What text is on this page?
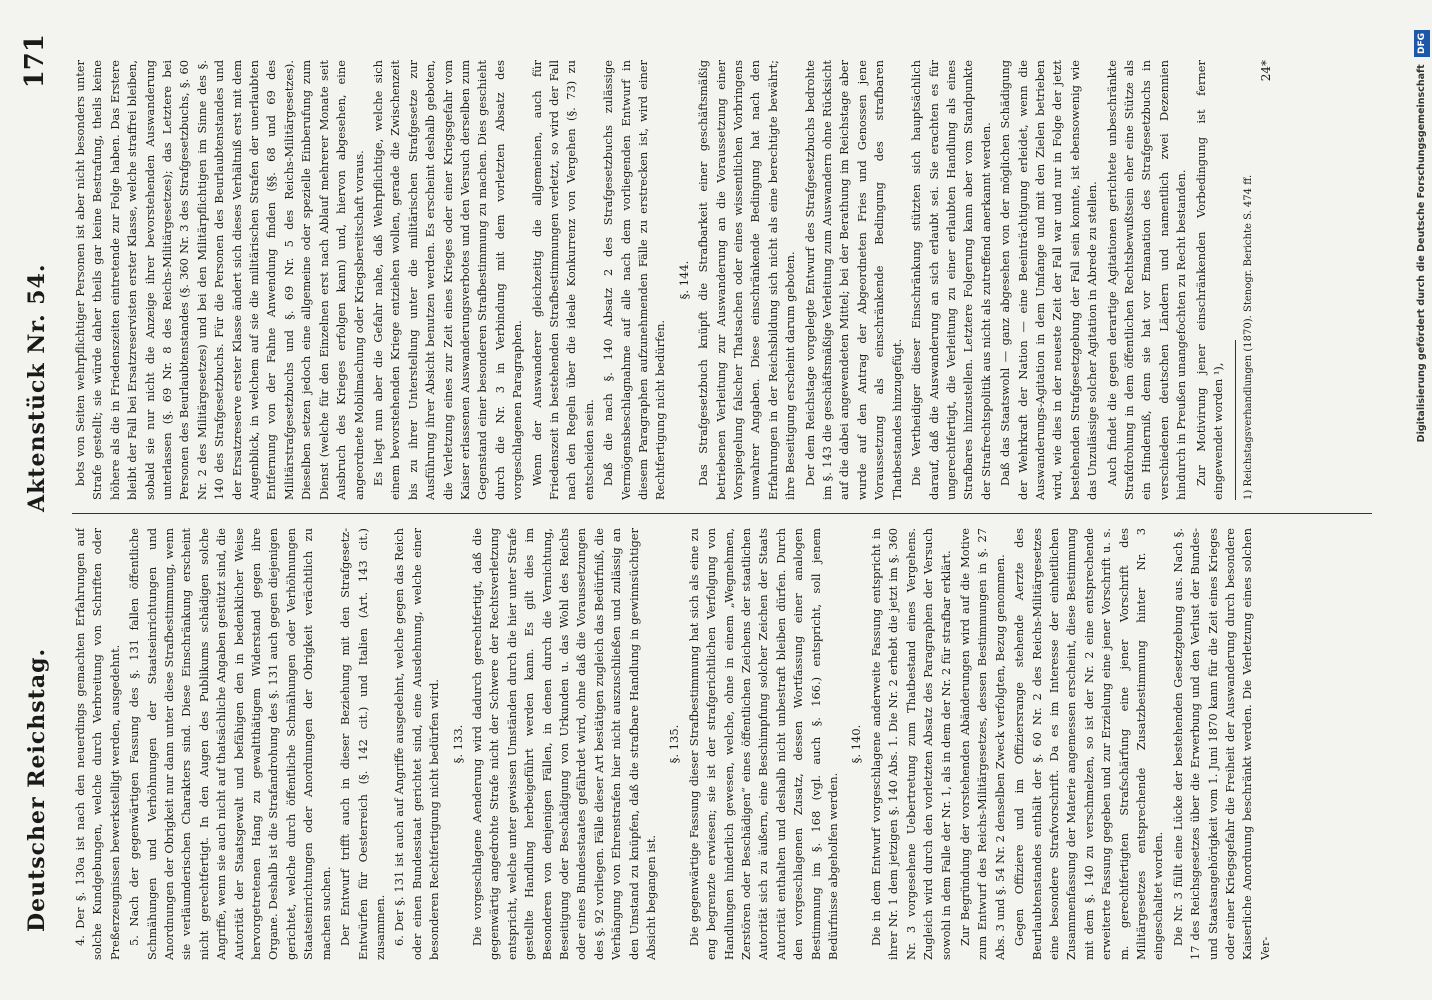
Deutscher Reichstag.
Aktenstück Nr. 54.
171

4. Der §. 130a ist nach den neuerdings gemachten Erfahrungen auf solche Kundgebungen, welche durch Verbreitung von Schriften oder Preßerzeugnissen bewerkstelligt werden, ausgedehnt. 5. Nach der gegenwärtigen Fassung des §. 131 fallen öffentliche Schmähungen und Verhöhnungen der Staatseinrichtungen und Anordnungen der Obrigkeit nur dann unter diese Strafbestimmung, wenn sie verläumderischen Charakters sind. Diese Einschränkung erscheint nicht gerechtfertigt. In den Augen des Publikums schädigen solche Angriffe, wenn sie auch nicht auf thatsächliche Angaben gestützt sind, die Autorität der Staatsgewalt und befähigen den in bedenklicher Weise hervorgetretenen Hang zu gewaltthätigem Widerstand gegen ihre Organe. Deshalb ist die Strafandrohung des §. 131 auch gegen diejenigen gerichtet, welche durch öffentliche Schmähungen oder Verhöhnungen Staatseinrichtungen oder Anordnungen der Obrigkeit verächtlich zu machen suchen. Der Entwurf trifft auch in dieser Beziehung mit den Strafgesetz-Entwürfen für Oesterreich (§. 142 cit.) und Italien (Art. 143 cit.) zusammen. 6. Der §. 131 ist auch auf Angriffe ausgedehnt, welche gegen das Reich oder einen Bundesstaat gerichtet sind, eine Ausdehnung, welche einer besonderen Rechtfertigung nicht bedürfen wird. §. 133. Die vorgeschlagene Aenderung wird dadurch gerechtfertigt, daß die gegenwärtig angedrohte Strafe nicht der Schwere der Rechtsverletzung entspricht, welche unter gewissen Umständen durch die hier unter Strafe gestellte Handlung herbeigeführt werden kann. Es gilt dies im Besonderen von denjenigen Fällen, in denen durch die Vernichtung, Beseitigung oder Beschädigung von Urkunden u. das Wohl des Reichs oder eines Bundesstaates gefährdet wird, ohne daß die Voraussetzungen des §. 92 vorliegen. Fälle dieser Art bestätigen zugleich das Bedürfniß, die Verhängung von Ehrenstrafen hier nicht auszuschließen und zulässig an den Umstand zu knüpfen, daß die strafbare Handlung in gewinnsüchtiger Absicht begangen ist.

§. 135. Die gegenwärtige Fassung dieser Strafbestimmung hat sich als eine zu eng begrenzte erwiesen; sie ist der strafgerichtlichen Verfolgung von Handlungen hinderlich gewesen, welche, ohne in einem „Wegnehmen, Zerstören oder Beschädigen“ eines öffentlichen Zeichens der staatlichen Autorität sich zu äußern, eine Beschimpfung solcher Zeichen der Staats Autorität enthalten und deshalb nicht unbestraft bleiben dürfen. Durch den vorgeschlagenen Zusatz, dessen Wortfassung einer analogen Bestimmung im §. 168 (vgl. auch §. 166.) entspricht, soll jenem Bedürfnisse abgeholfen werden.

§. 140. Die in dem Entwurf vorgeschlagene anderweite Fassung entspricht in ihrer Nr. 1 dem jetzigen §. 140 Abs. 1. Die Nr. 2 erhebt die jetzt im §. 360 Nr. 3 vorgesehene Uebertretung zum Thatbestand eines Vergehens. Zugleich wird durch den vorletzten Absatz des Paragraphen der Versuch sowohl in dem Falle der Nr. 1, als in dem der Nr. 2 für strafbar erklärt. Zur Begründung der vorstehenden Abänderungen wird auf die Motive zum Entwurf des Reichs-Militärgesetzes, dessen Bestimmungen in §. 27 Abs. 3 und §. 54 Nr. 2 denselben Zweck verfolgten, Bezug genommen. Gegen Offiziere und im Offiziersrange stehende Aerzte des Beurlaubtenstandes enthält der §. 60 Nr. 2 des Reichs-Militärgesetzes eine besondere Strafvorschrift. Da es im Interesse der einheitlichen Zusammenfassung der Materie angemessen erscheint, diese Bestimmung mit dem §. 140 zu verschmelzen, so ist der Nr. 2 eine entsprechende erweiterte Fassung gegeben und zur Erzielung eine jener Vorschrift u. s. m. gerechtfertigten Strafschärfung eine jener Vorschrift des Militärgesetzes entsprechende Zusatzbestimmung hinter Nr. 3 eingeschaltet worden. Die Nr. 3 füllt eine Lücke der bestehenden Gesetzgebung aus. Nach §. 17 des Reichsgesetzes über die Erwerbung und den Verlust der Bundes- und Staatsangehörigkeit vom 1. Juni 1870 kann für die Zeit eines Krieges oder einer Kriegsgefahr die Freiheit der Auswanderung durch besondere Kaiserliche Anordnung beschränkt werden. Die Verletzung eines solchen Ver-

bots von Seiten wehrpflichtiger Personen ist aber nicht besonders unter Strafe gestellt; sie würde daher theils gar keine Bestrafung, theils keine höhere als die in Friedenszeiten eintretende zur Folge haben. Das Erstere bleibt der Fall bei Ersatzreservisten erster Klasse, welche straffrei bleiben, sobald sie nur nicht die Anzeige ihrer bevorstehenden Auswanderung unterlassen (§. 69 Nr. 8 des Reichs-Militärgesetzes); das Letztere bei Personen des Beurlaubtenstandes (§. 360 Nr. 3 des Strafgesetzbuchs, §. 60 Nr. 2 des Militärgesetzes) und bei den Militärpflichtigen im Sinne des §. 140 des Strafgesetzbuchs. Für die Personen des Beurlaubtenstandes und der Ersatzreserve erster Klasse ändert sich dieses Verhältniß erst mit dem Augenblick, in welchem auf sie die militärischen Strafen der unerlaubten Entfernung von der Fahne Anwendung finden (§§. 68 und 69 des Militärstrafgesetzbuchs und §. 69 Nr. 5 des Reichs-Militärgesetzes). Dieselben setzen jedoch eine allgemeine oder spezielle Einberufung zum Dienst (welche für den Einzelnen erst nach Ablauf mehrerer Monate seit Ausbruch des Krieges erfolgen kann) und, hiervon abgesehen, eine angeordnete Mobilmachung oder Kriegsbereitschaft voraus. Es liegt nun aber die Gefahr nahe, daß Wehrpflichtige, welche sich einem bevorstehenden Kriege entziehen wollen, gerade die Zwischenzeit bis zu ihrer Unterstellung unter die militärischen Strafgesetze zur Ausführung ihrer Absicht benutzen werden. Es erscheint deshalb geboten, die Verletzung eines zur Zeit eines Krieges oder einer Kriegsgefahr vom Kaiser erlassenen Auswanderungsverbotes und den Versuch derselben zum Gegenstand einer besonderen Strafbestimmung zu machen. Dies geschieht durch die Nr. 3 in Verbindung mit dem vorletzten Absatz des vorgeschlagenen Paragraphen. Wenn der Auswanderer gleichzeitig die allgemeinen, auch für Friedenszeit in bestehenden Strafbestimmungen verletzt, so wird der Fall nach den Regeln über die ideale Konkurrenz von Vergehen (§. 73) zu entscheiden sein. Daß die nach §. 140 Absatz 2 des Strafgesetzbuchs zulässige Vermögensbeschlagnahme auf alle nach dem vorliegenden Entwurf in diesem Paragraphen aufzunehmenden Fälle zu erstrecken ist, wird einer Rechtfertigung nicht bedürfen.

§. 144. Das Strafgesetzbuch knüpft die Strafbarkeit einer geschäftsmäßig betriebenen Verleitung zur Auswanderung an die Voraussetzung einer Vorspiegelung falscher Thatsachen oder eines wissentlichen Vorbringens unwahrer Angaben. Diese einschränkende Bedingung hat nach den Erfahrungen in der Reichsbildung sich nicht als eine berechtigte bewährt; ihre Beseitigung erscheint darum geboten. Der dem Reichstage vorgelegte Entwurf des Strafgesetzbuchs bedrohte im §. 143 die geschäftsmäßige Verleitung zum Auswandern ohne Rücksicht auf die dabei angewendeten Mittel; bei der Berathung im Reichstage aber wurde auf den Antrag der Abgeordneten Fries und Genossen jene Voraussetzung als einschränkende Bedingung des strafbaren Thatbestandes hinzugefügt. Die Vertheidiger dieser Einschränkung stützten sich hauptsächlich darauf, daß die Auswanderung an sich erlaubt sei. Sie erachten es für ungerechtfertigt, die Verleitung zu einer erlaubten Handlung als eines Strafbares hinzustellen. Letztere Folgerung kann aber vom Standpunkte der Strafrechtspolitik aus nicht als zutreffend anerkannt werden. Daß das Staatswohl — ganz abgesehen von der möglichen Schädigung der Wehrkraft der Nation — eine Beeinträchtigung erleidet, wenn die Auswanderungs-Agitation in dem Umfange und mit den Zielen betrieben wird, wie dies in der neueste Zeit der Fall war und nur in Folge der jetzt bestehenden Strafgesetzgebung der Fall sein konnte, ist ebensowenig wie das Unzulässige solcher Agitation in Abrede zu stellen. Auch findet die gegen derartige Agitationen gerichtete unbeschränkte Strafdrohung in dem öffentlichen Rechtsbewußtsein eher eine Stütze als ein Hinderniß, denn sie hat vor Emanation des Strafgesetzbuchs in verschiedenen deutschen Ländern und namentlich zwei Dezennien hindurch in Preußen unangefochten zu Recht bestanden. Zur Motivirung jener einschränkenden Vorbedingung ist ferner eingewendet worden ¹), 1) Reichstagsverhandlungen (1870). Stenogr. Berichte S. 474 ff.
24*	Digitalisierung gefördert durch die Deutsche Forschungsgemeinschaft DFG
